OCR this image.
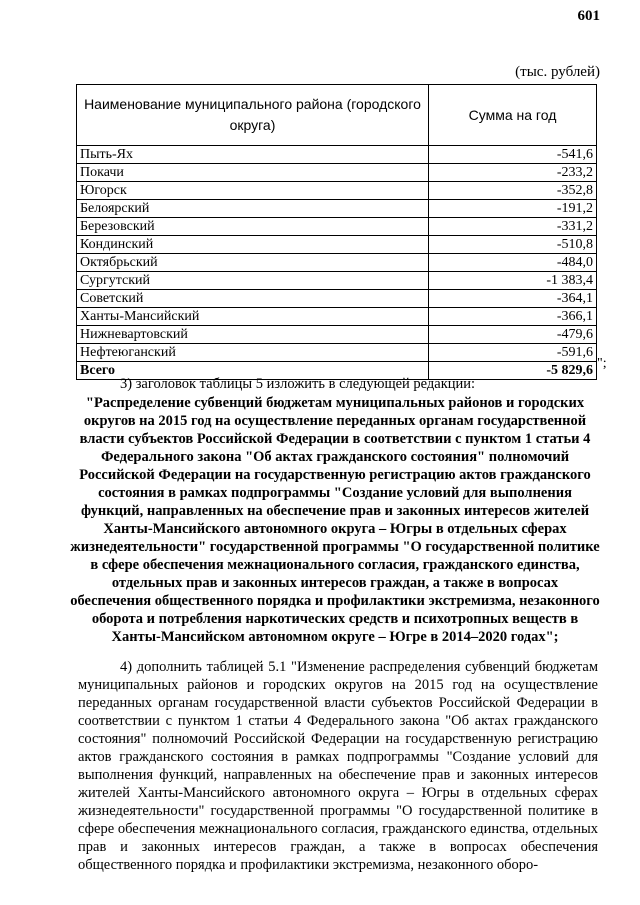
601
(тыс. рублей)
Наименование муниципального района (городского округа)	Сумма на год
Пыть-Ях	-541,6
Покачи	-233,2
Югорск	-352,8
Белоярский	-191,2
Березовский	-331,2
Кондинский	-510,8
Октябрьский	-484,0
Сургутский	-1 383,4
Советский	-364,1
Ханты-Мансийский	-366,1
Нижневартовский	-479,6
Нефтеюганский	-591,6
Всего	-5 829,6 ";
3) заголовок таблицы 5 изложить в следующей редакции:
"Распределение субвенций бюджетам муниципальных районов и городских округов на 2015 год на осуществление переданных органам государственной власти субъектов Российской Федерации в соответствии с пунктом 1 статьи 4 Федерального закона "Об актах гражданского состояния" полномочий Российской Федерации на государственную регистрацию актов гражданского состояния в рамках подпрограммы "Создание условий для выполнения функций, направленных на обеспечение прав и законных интересов жителей Ханты-Мансийского автономного округа – Югры в отдельных сферах жизнедеятельности" государственной программы "О государственной политике в сфере обеспечения межнационального согласия, гражданского единства, отдельных прав и законных интересов граждан, а также в вопросах обеспечения общественного порядка и профилактики экстремизма, незаконного оборота и потребления наркотических средств и психотропных веществ в Ханты-Мансийском автономном округе – Югре в 2014–2020 годах";
4) дополнить таблицей 5.1 "Изменение распределения субвенций бюджетам муниципальных районов и городских округов на 2015 год на осуществление переданных органам государственной власти субъектов Российской Федерации в соответствии с пунктом 1 статьи 4 Федерального закона "Об актах гражданского состояния" полномочий Российской Федерации на государственную регистрацию актов гражданского состояния в рамках подпрограммы "Создание условий для выполнения функций, направленных на обеспечение прав и законных интересов жителей Ханты-Мансийского автономного округа – Югры в отдельных сферах жизнедеятельности" государственной программы "О государственной политике в сфере обеспечения межнационального согласия, гражданского единства, отдельных прав и законных интересов граждан, а также в вопросах обеспечения общественного порядка и профилактики экстремизма, незаконного оборо-
